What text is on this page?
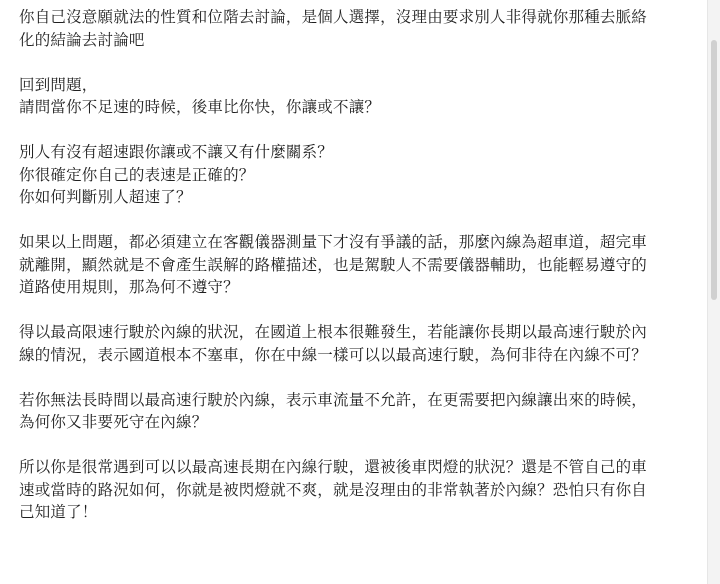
你自己沒意願就法的性質和位階去討論，是個人選擇，沒理由要求別人非得就你那種去脈絡
化的結論去討論吧
回到問題，
請問當你不足速的時候，後車比你快，你讓或不讓？
別人有沒有超速跟你讓或不讓又有什麼關系？
你很確定你自己的表速是正確的？
你如何判斷別人超速了？
如果以上問題，都必須建立在客觀儀器測量下才沒有爭議的話，那麼內線為超車道，超完車
就離開，顯然就是不會產生誤解的路權描述，也是駕駛人不需要儀器輔助，也能輕易遵守的
道路使用規則，那為何不遵守？
得以最高限速行駛於內線的狀況，在國道上根本很難發生，若能讓你長期以最高速行駛於內
線的情況，表示國道根本不塞車，你在中線一樣可以以最高速行駛，為何非待在內線不可？
若你無法長時間以最高速行駛於內線，表示車流量不允許，在更需要把內線讓出來的時候，
為何你又非要死守在內線？
所以你是很常遇到可以以最高速長期在內線行駛，還被後車閃燈的狀況？還是不管自己的車
速或當時的路況如何，你就是被閃燈就不爽，就是沒理由的非常執著於內線？恐怕只有你自
己知道了！
